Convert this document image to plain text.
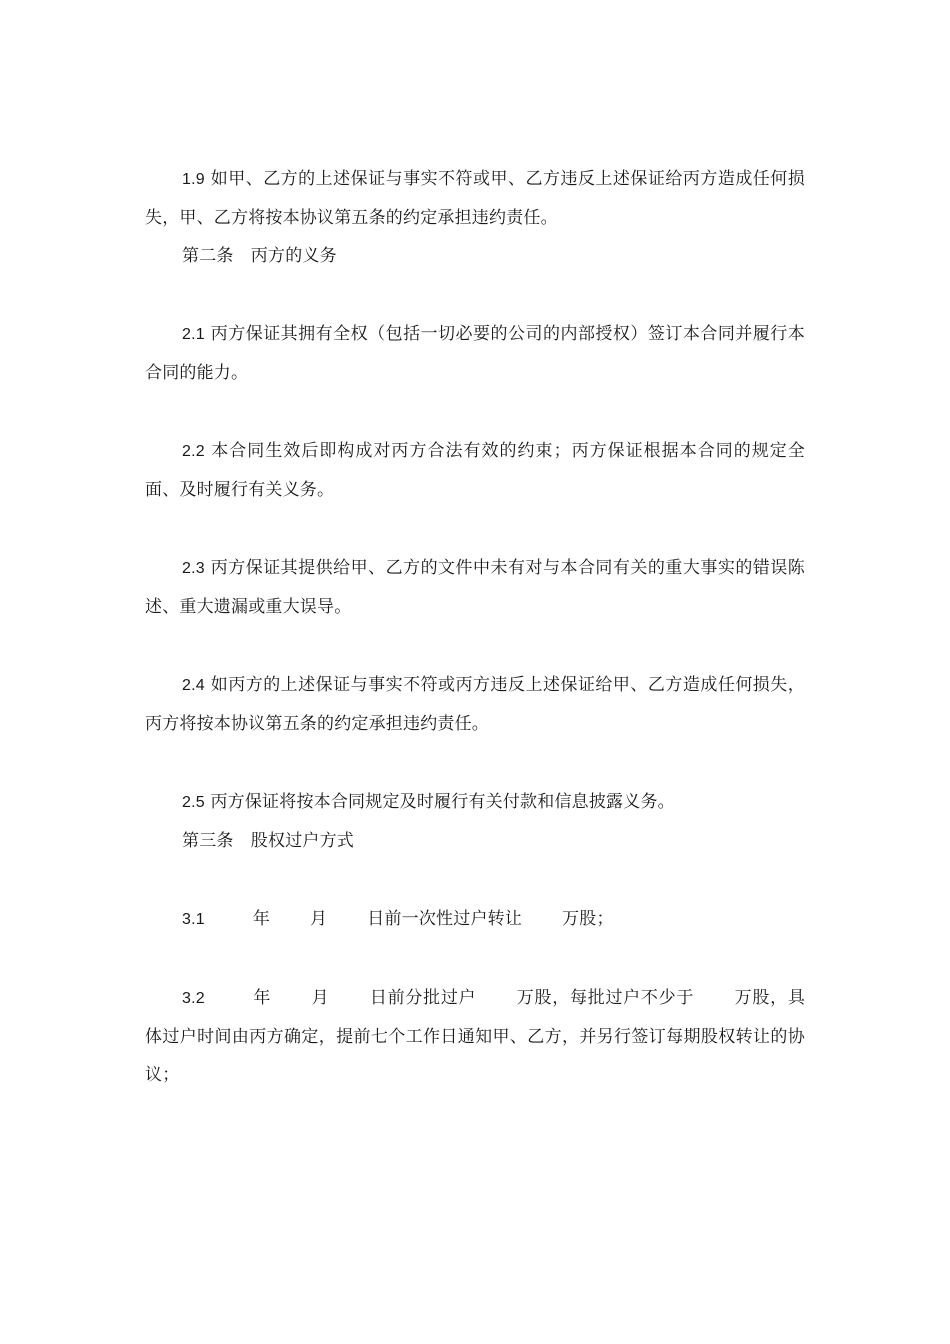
1.9 如甲、乙方的上述保证与事实不符或甲、乙方违反上述保证给丙方造成任何损失，甲、乙方将按本协议第五条的约定承担违约责任。

第二条　丙方的义务

2.1 丙方保证其拥有全权（包括一切必要的公司的内部授权）签订本合同并履行本合同的能力。

2.2 本合同生效后即构成对丙方合法有效的约束；丙方保证根据本合同的规定全面、及时履行有关义务。

2.3 丙方保证其提供给甲、乙方的文件中未有对与本合同有关的重大事实的错误陈述、重大遗漏或重大误导。

2.4 如丙方的上述保证与事实不符或丙方违反上述保证给甲、乙方造成任何损失，丙方将按本协议第五条的约定承担违约责任。

2.5 丙方保证将按本合同规定及时履行有关付款和信息披露义务。

第三条　股权过户方式

3.1	年 月 日前一次性过户转让 万股；

3.2	年 月 日前分批过户 万股，每批过户不少于 万股，具体过户时间由丙方确定，提前七个工作日通知甲、乙方，并另行签订每期股权转让的协议；
